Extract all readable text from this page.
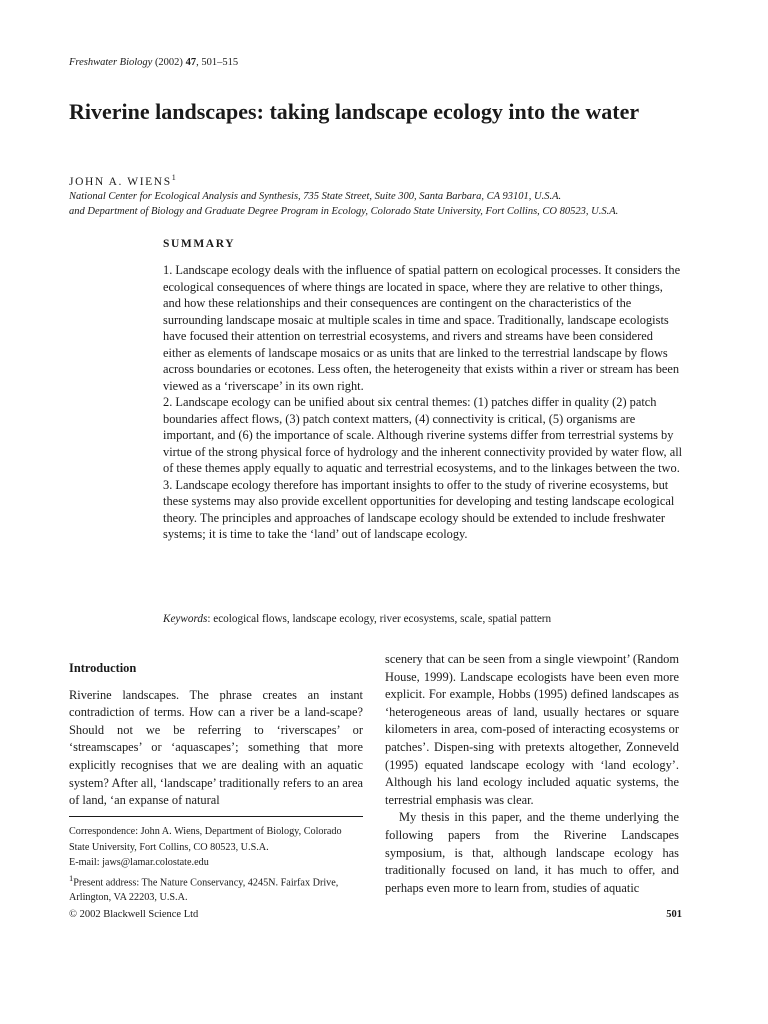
Freshwater Biology (2002) 47, 501–515
Riverine landscapes: taking landscape ecology into the water
JOHN A. WIENS$^1$
National Center for Ecological Analysis and Synthesis, 735 State Street, Suite 300, Santa Barbara, CA 93101, U.S.A.
and Department of Biology and Graduate Degree Program in Ecology, Colorado State University, Fort Collins, CO 80523, U.S.A.
SUMMARY

1. Landscape ecology deals with the influence of spatial pattern on ecological processes. It considers the ecological consequences of where things are located in space, where they are relative to other things, and how these relationships and their consequences are contingent on the characteristics of the surrounding landscape mosaic at multiple scales in time and space. Traditionally, landscape ecologists have focused their attention on terrestrial ecosystems, and rivers and streams have been considered either as elements of landscape mosaics or as units that are linked to the terrestrial landscape by flows across boundaries or ecotones. Less often, the heterogeneity that exists within a river or stream has been viewed as a ‘riverscape’ in its own right.

2. Landscape ecology can be unified about six central themes: (1) patches differ in quality (2) patch boundaries affect flows, (3) patch context matters, (4) connectivity is critical, (5) organisms are important, and (6) the importance of scale. Although riverine systems differ from terrestrial systems by virtue of the strong physical force of hydrology and the inherent connectivity provided by water flow, all of these themes apply equally to aquatic and terrestrial ecosystems, and to the linkages between the two.

3. Landscape ecology therefore has important insights to offer to the study of riverine ecosystems, but these systems may also provide excellent opportunities for developing and testing landscape ecological theory. The principles and approaches of landscape ecology should be extended to include freshwater systems; it is time to take the ‘land’ out of landscape ecology.

Keywords: ecological flows, landscape ecology, river ecosystems, scale, spatial pattern
Introduction

Riverine landscapes. The phrase creates an instant contradiction of terms. How can a river be a land-scape? Should not we be referring to ‘riverscapes’ or ‘streamscapes’ or ‘aquascapes’; something that more explicitly recognises that we are dealing with an aquatic system? After all, ‘landscape’ traditionally refers to an area of land, ‘an expanse of natural

Correspondence: John A. Wiens, Department of Biology, Colorado State University, Fort Collins, CO 80523, U.S.A.

E-mail: jaws@lamar.colostate.edu

$^1$Present address: The Nature Conservancy, 4245N. Fairfax Drive, Arlington, VA 22203, U.S.A.

scenery that can be seen from a single viewpoint’ (Random House, 1999). Landscape ecologists have been even more explicit. For example, Hobbs (1995) defined landscapes as ‘heterogeneous areas of land, usually hectares or square kilometers in area, com-posed of interacting ecosystems or patches’. Dispen-sing with pretexts altogether, Zonneveld (1995) equated landscape ecology with ‘land ecology’. Although his land ecology included aquatic systems, the terrestrial emphasis was clear.

My thesis in this paper, and the theme underlying the following papers from the Riverine Landscapes symposium, is that, although landscape ecology has traditionally focused on land, it has much to offer, and perhaps even more to learn from, studies of aquatic

© 2002 Blackwell Science Ltd	501
